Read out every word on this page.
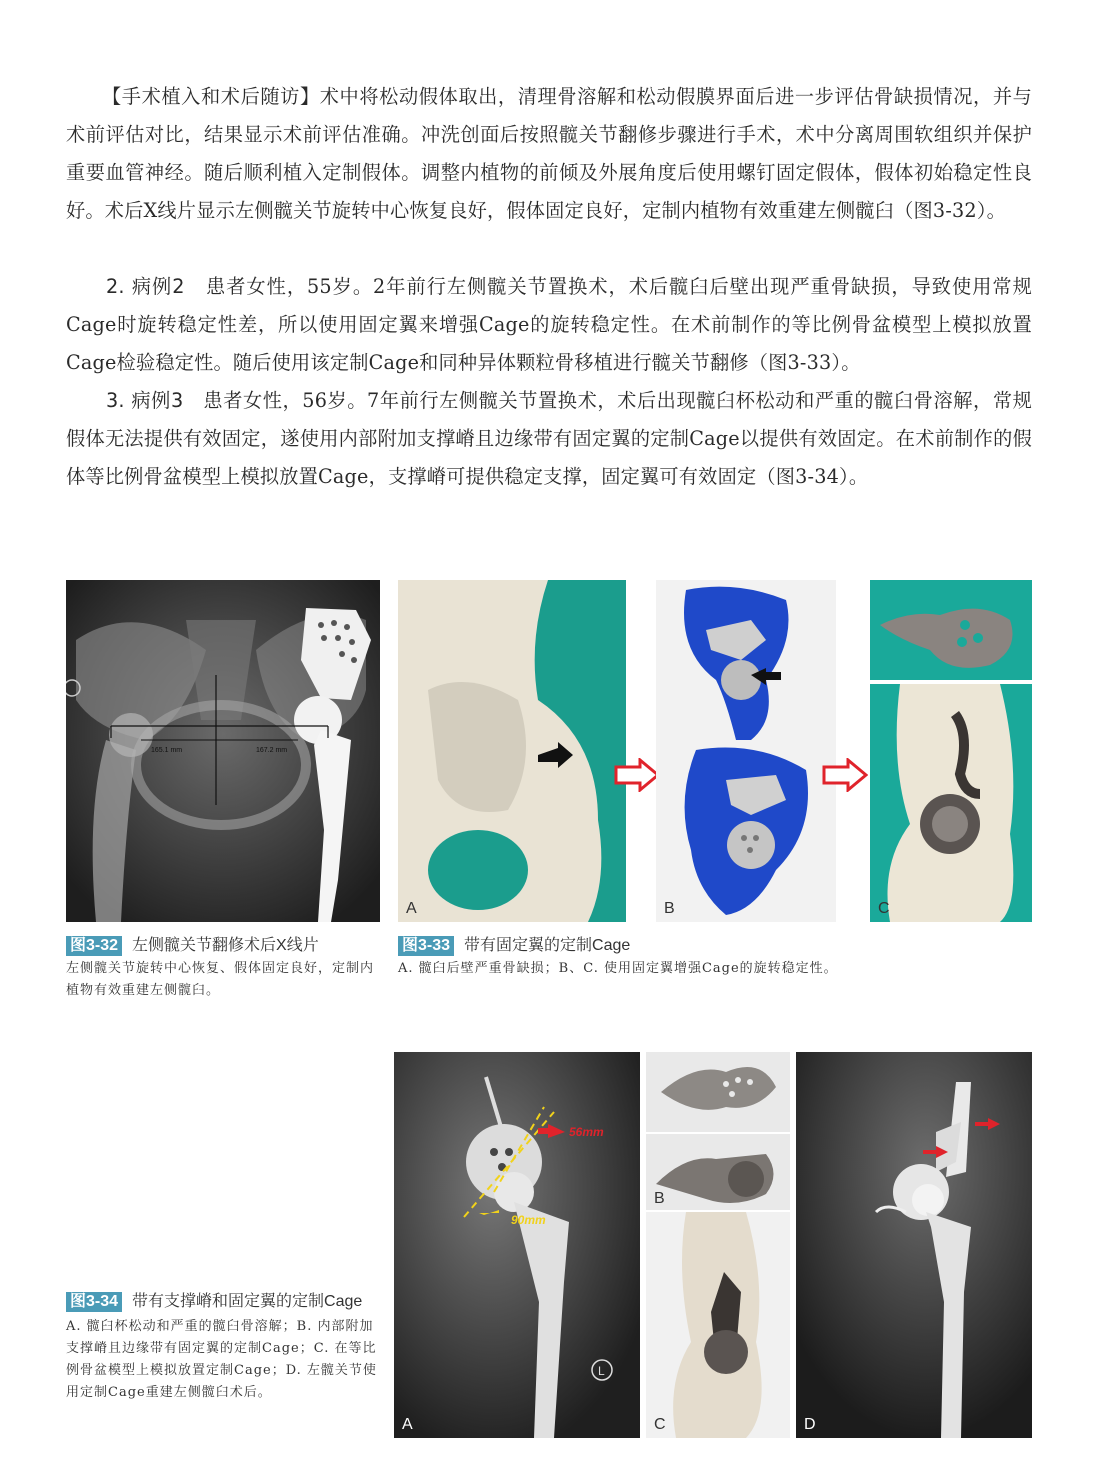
【手术植入和术后随访】术中将松动假体取出，清理骨溶解和松动假膜界面后进一步评估骨缺损情况，并与术前评估对比，结果显示术前评估准确。冲洗创面后按照髋关节翻修步骤进行手术，术中分离周围软组织并保护重要血管神经。随后顺利植入定制假体。调整内植物的前倾及外展角度后使用螺钉固定假体，假体初始稳定性良好。术后X线片显示左侧髋关节旋转中心恢复良好，假体固定良好，定制内植物有效重建左侧髋臼（图3-32）。

2. 病例2 患者女性，55岁。2年前行左侧髋关节置换术，术后髋臼后壁出现严重骨缺损，导致使用常规Cage时旋转稳定性差，所以使用固定翼来增强Cage的旋转稳定性。在术前制作的等比例骨盆模型上模拟放置Cage检验稳定性。随后使用该定制Cage和同种异体颗粒骨移植进行髋关节翻修（图3-33）。

3. 病例3 患者女性，56岁。7年前行左侧髋关节置换术，术后出现髋臼杯松动和严重的髋臼骨溶解，常规假体无法提供有效固定，遂使用内部附加支撑嵴且边缘带有固定翼的定制Cage以提供有效固定。在术前制作的假体等比例骨盆模型上模拟放置Cage，支撑嵴可提供稳定支撑，固定翼可有效固定（图3-34）。

165.1 mm	167.2 mm
图3-32 左侧髋关节翻修术后X线片
左侧髋关节旋转中心恢复、假体固定良好，定制内植物有效重建左侧髋臼。
A	B	C
图3-33 带有固定翼的定制Cage
A. 髋臼后壁严重骨缺损；B、C. 使用固定翼增强Cage的旋转稳定性。
56mm
90mm
L
A
B
C	D
图3-34 带有支撑嵴和固定翼的定制Cage
A. 髋臼杯松动和严重的髋臼骨溶解；B. 内部附加支撑嵴且边缘带有固定翼的定制Cage；C. 在等比例骨盆模型上模拟放置定制Cage；D. 左髋关节使用定制Cage重建左侧髋臼术后。
